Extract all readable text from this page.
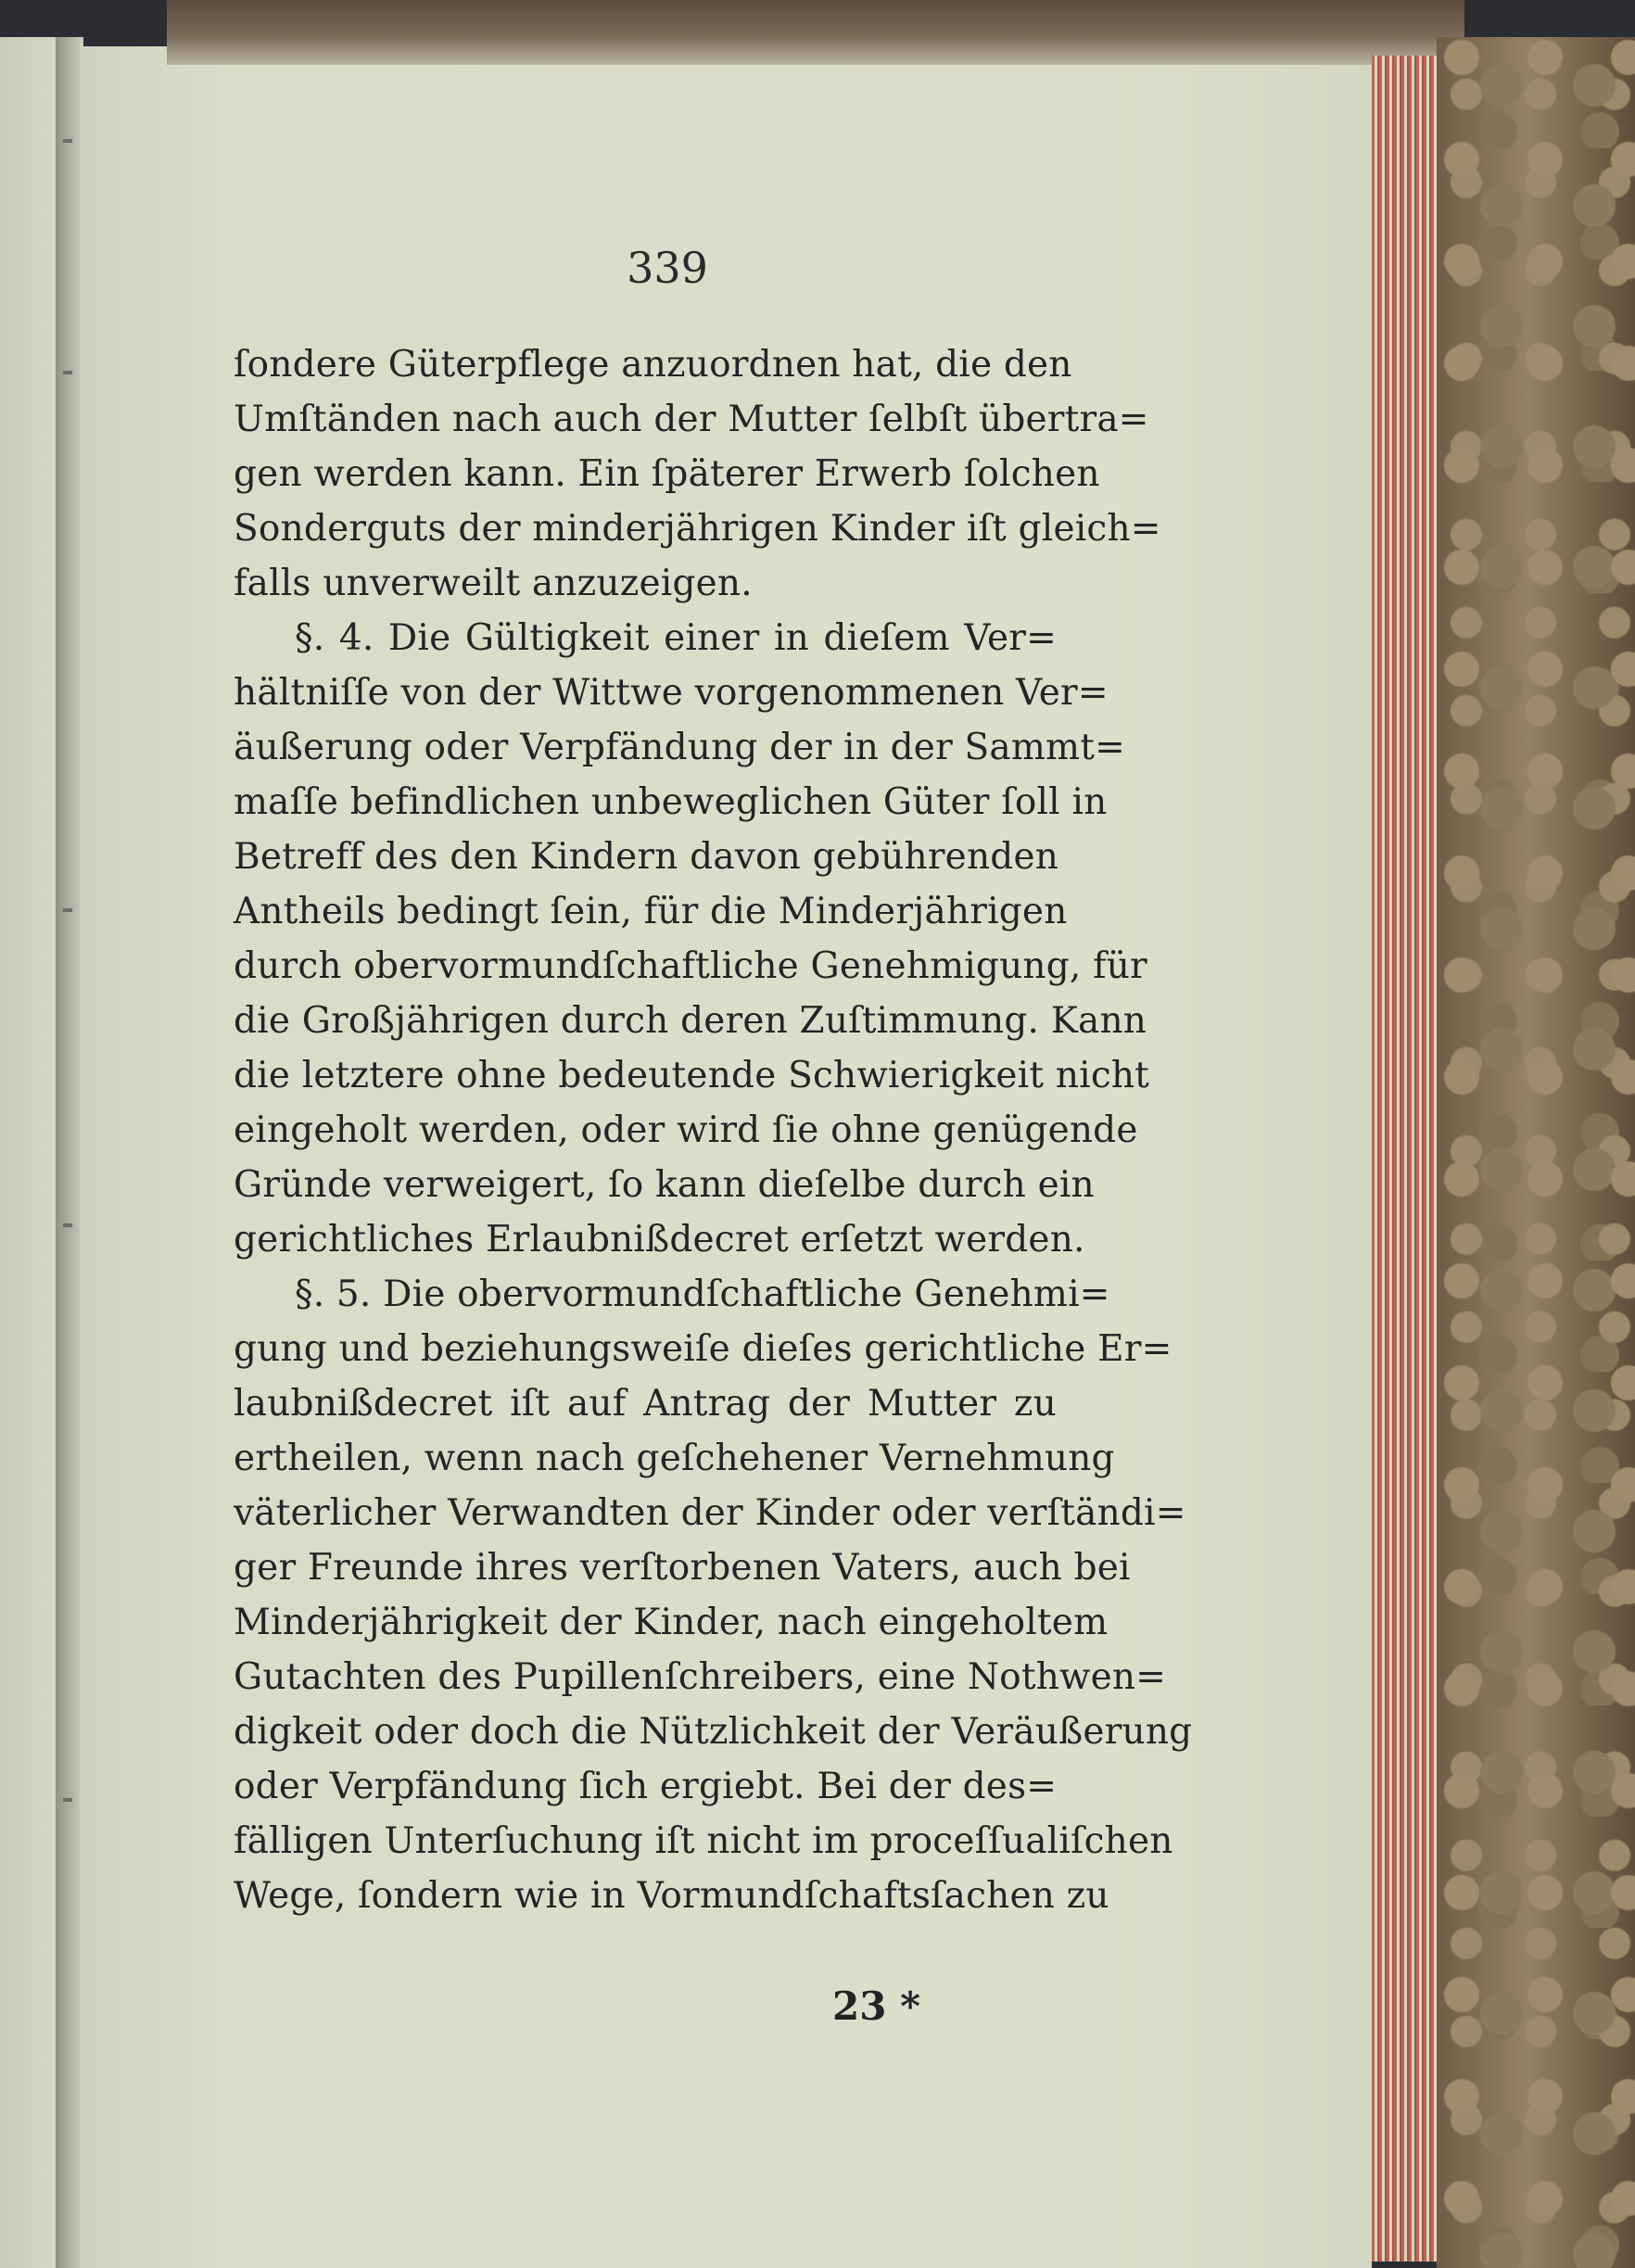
339
ſondere Güterpflege anzuordnen hat, die den
Umſtänden nach auch der Mutter ſelbſt übertra=
gen werden kann. Ein ſpäterer Erwerb ſolchen
Sonderguts der minderjährigen Kinder iſt gleich=
falls unverweilt anzuzeigen.
§. 4. Die Gültigkeit einer in dieſem Ver=
hältniſſe von der Wittwe vorgenommenen Ver=
äußerung oder Verpfändung der in der Sammt=
maſſe befindlichen unbeweglichen Güter ſoll in
Betreff des den Kindern davon gebührenden
Antheils bedingt ſein, für die Minderjährigen
durch obervormundſchaftliche Genehmigung, für
die Großjährigen durch deren Zuſtimmung. Kann
die letztere ohne bedeutende Schwierigkeit nicht
eingeholt werden, oder wird ſie ohne genügende
Gründe verweigert, ſo kann dieſelbe durch ein
gerichtliches Erlaubnißdecret erſetzt werden.
§. 5. Die obervormundſchaftliche Genehmi=
gung und beziehungsweiſe dieſes gerichtliche Er=
laubnißdecret iſt auf Antrag der Mutter zu
ertheilen, wenn nach geſchehener Vernehmung
väterlicher Verwandten der Kinder oder verſtändi=
ger Freunde ihres verſtorbenen Vaters, auch bei
Minderjährigkeit der Kinder, nach eingeholtem
Gutachten des Pupillenſchreibers, eine Nothwen=
digkeit oder doch die Nützlichkeit der Veräußerung
oder Verpfändung ſich ergiebt. Bei der des=
fälligen Unterſuchung iſt nicht im proceſſualiſchen
Wege, ſondern wie in Vormundſchaftsſachen zu
23 *
